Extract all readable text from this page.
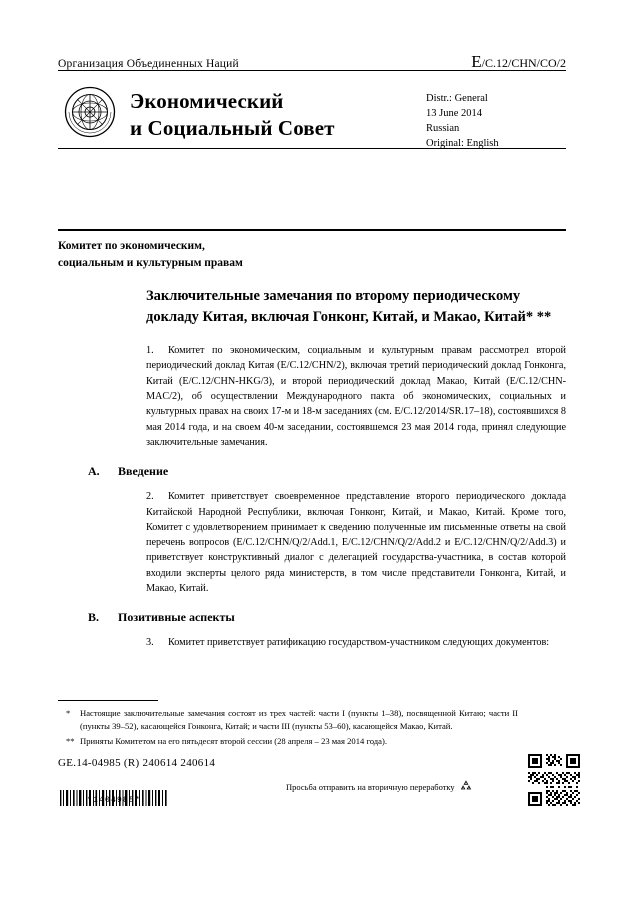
Организация Объединенных Наций	E/C.12/CHN/CO/2
Экономический
и Социальный Совет
Distr.: General
13 June 2014
Russian
Original: English
Комитет по экономическим,
социальным и культурным правам
Заключительные замечания по второму периодическому докладу Китая, включая Гонконг, Китай, и Макао, Китай* **

1. Комитет по экономическим, социальным и культурным правам рассмотрел второй периодический доклад Китая (E/C.12/CHN/2), включая третий периодический доклад Гонконга, Китай (E/C.12/CHN-HKG/3), и второй периодический доклад Макао, Китай (E/C.12/CHN-MAC/2), об осуществлении Международного пакта об экономических, социальных и культурных правах на своих 17-м и 18-м заседаниях (см. E/C.12/2014/SR.17–18), состоявшихся 8 мая 2014 года, и на своем 40-м заседании, состоявшемся 23 мая 2014 года, принял следующие заключительные замечания.

A.	Введение

2. Комитет приветствует своевременное представление второго периодического доклада Китайской Народной Республики, включая Гонконг, Китай, и Макао, Китай. Кроме того, Комитет с удовлетворением принимает к сведению полученные им письменные ответы на свой перечень вопросов (E/C.12/CHN/Q/2/Add.1, E/C.12/CHN/Q/2/Add.2 и E/C.12/CHN/Q/2/Add.3) и приветствует конструктивный диалог с делегацией государства-участника, в состав которой входили эксперты целого ряда министерств, в том числе представители Гонконга, Китай, и Макао, Китай.

B.	Позитивные аспекты

3. Комитет приветствует ратификацию государством-участником следующих документов:

*	Настоящие заключительные замечания состоят из трех частей: части I (пункты 1–38), посвященной Китаю; части II (пункты 39–52), касающейся Гонконга, Китай; и части III (пункты 53–60), касающейся Макао, Китай.
** Приняты Комитетом на его пятьдесят второй сессии (28 апреля – 23 мая 2014 года).
GE.14-04985 (R) 240614 240614
*1404985*
Просьба отправить на вторичную переработку
